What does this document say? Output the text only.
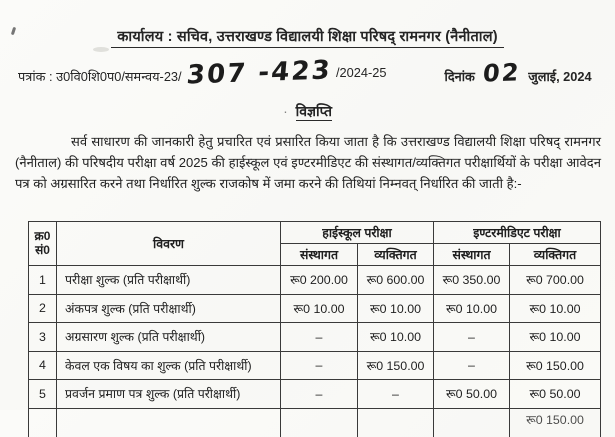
कार्यालय : सचिव, उत्तराखण्ड विद्यालयी शिक्षा परिषद् रामनगर (नैनीताल)
पत्रांक : उ0वि0शि0प0/समन्वय-23/ 307 -423 /2024-25	दिनांक 02 जुलाई, 2024
· विज्ञप्ति

सर्व साधारण की जानकारी हेतु प्रचारित एवं प्रसारित किया जाता है कि उत्तराखण्ड विद्यालयी शिक्षा परिषद् रामनगर (नैनीताल) की परिषदीय परीक्षा वर्ष 2025 की हाईस्कूल एवं इण्टरमीडिएट की संस्थागत/व्यक्तिगत परीक्षार्थियों के परीक्षा आवेदन पत्र को अग्रसारित करने तथा निर्धारित शुल्क राजकोष में जमा करने की तिथियां निम्नवत् निर्धारित की जाती है:-

क्र0
सं0	विवरण	हाईस्कूल परीक्षा		इण्टरमीडिएट परीक्षा	
		संस्थागत	व्यक्तिगत	संस्थागत	व्यक्तिगत
1	परीक्षा शुल्क (प्रति परीक्षार्थी)	रू0 200.00	रू0 600.00	रू0 350.00	रू0 700.00
2	अंकपत्र शुल्क (प्रति परीक्षार्थी)	रू0 10.00	रू0 10.00	रू0 10.00	रू0 10.00
3	अग्रसारण शुल्क (प्रति परीक्षार्थी)	–	रू0 10.00	–	रू0 10.00
4	केवल एक विषय का शुल्क (प्रति परीक्षार्थी)	–	रू0 150.00	–	रू0 150.00
5	प्रवर्जन प्रमाण पत्र शुल्क (प्रति परीक्षार्थी)	–	–	रू0 50.00	रू0 50.00
					रू0 150.00
